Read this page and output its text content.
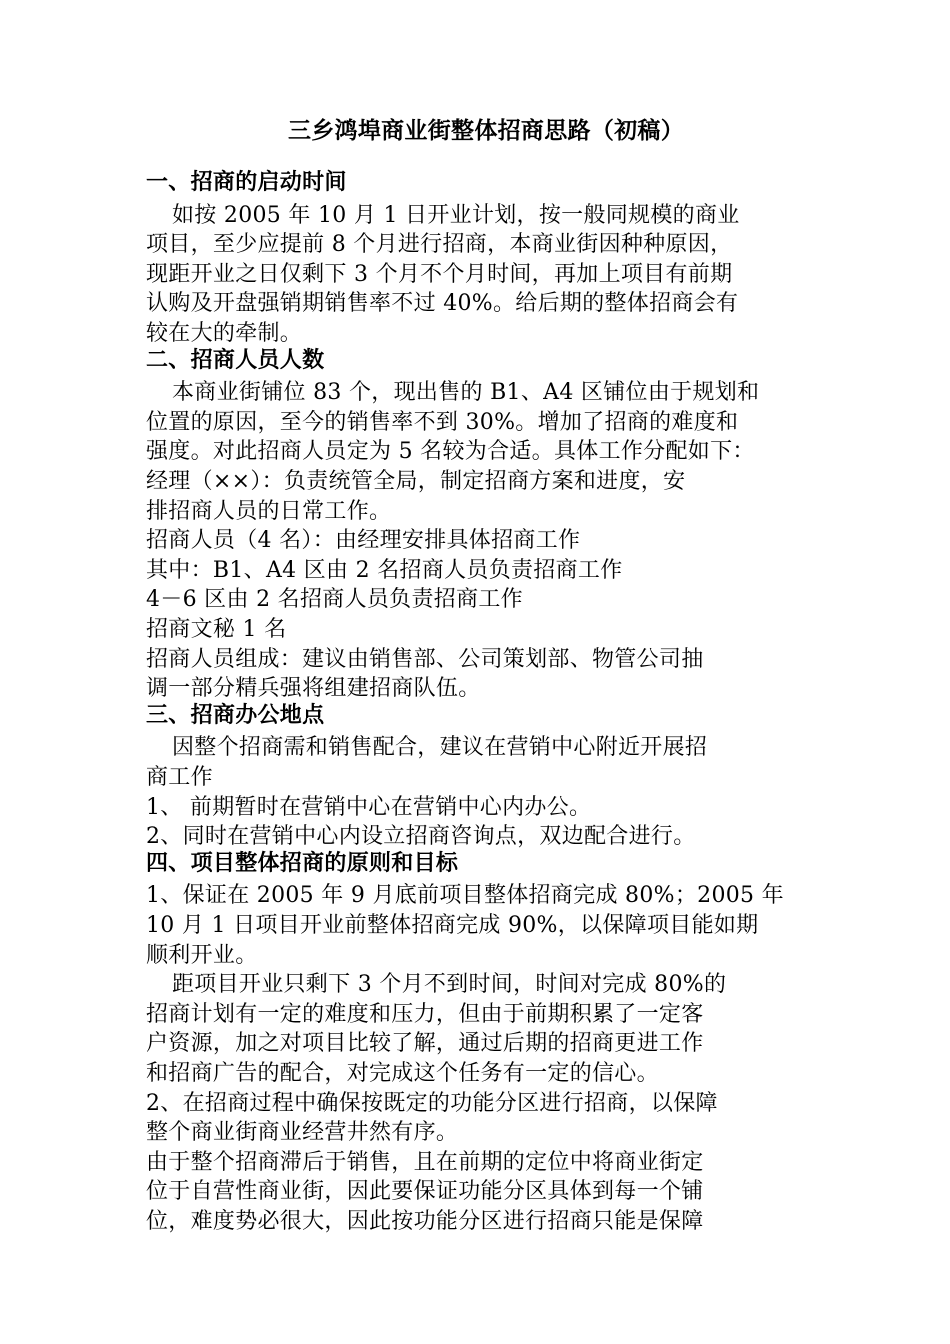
三乡鸿埠商业街整体招商思路（初稿）
一、招商的启动时间
如按 2005 年 10 月 1 日开业计划，按一般同规模的商业
项目，至少应提前 8 个月进行招商，本商业街因种种原因，
现距开业之日仅剩下 3 个月不个月时间，再加上项目有前期
认购及开盘强销期销售率不过 40%。给后期的整体招商会有
较在大的牵制。
二、招商人员人数
本商业街铺位 83 个，现出售的 B1、A4 区铺位由于规划和
位置的原因，至今的销售率不到 30%。增加了招商的难度和
强度。对此招商人员定为 5 名较为合适。具体工作分配如下：
经理（××）：负责统管全局，制定招商方案和进度，安
排招商人员的日常工作。
招商人员（4 名）：由经理安排具体招商工作
其中：B1、A4 区由 2 名招商人员负责招商工作
4－6 区由 2 名招商人员负责招商工作
招商文秘 1 名
招商人员组成：建议由销售部、公司策划部、物管公司抽
调一部分精兵强将组建招商队伍。
三、招商办公地点
因整个招商需和销售配合，建议在营销中心附近开展招
商工作
1、 前期暂时在营销中心在营销中心内办公。
2、同时在营销中心内设立招商咨询点，双边配合进行。
四、项目整体招商的原则和目标
1、保证在 2005 年 9 月底前项目整体招商完成 80%；2005 年
10 月 1 日项目开业前整体招商完成 90%，以保障项目能如期
顺利开业。
距项目开业只剩下 3 个月不到时间，时间对完成 80%的
招商计划有一定的难度和压力，但由于前期积累了一定客
户资源，加之对项目比较了解，通过后期的招商更进工作
和招商广告的配合，对完成这个任务有一定的信心。
2、在招商过程中确保按既定的功能分区进行招商，以保障
整个商业街商业经营井然有序。
由于整个招商滞后于销售，且在前期的定位中将商业街定
位于自营性商业街，因此要保证功能分区具体到每一个铺
位，难度势必很大，因此按功能分区进行招商只能是保障
